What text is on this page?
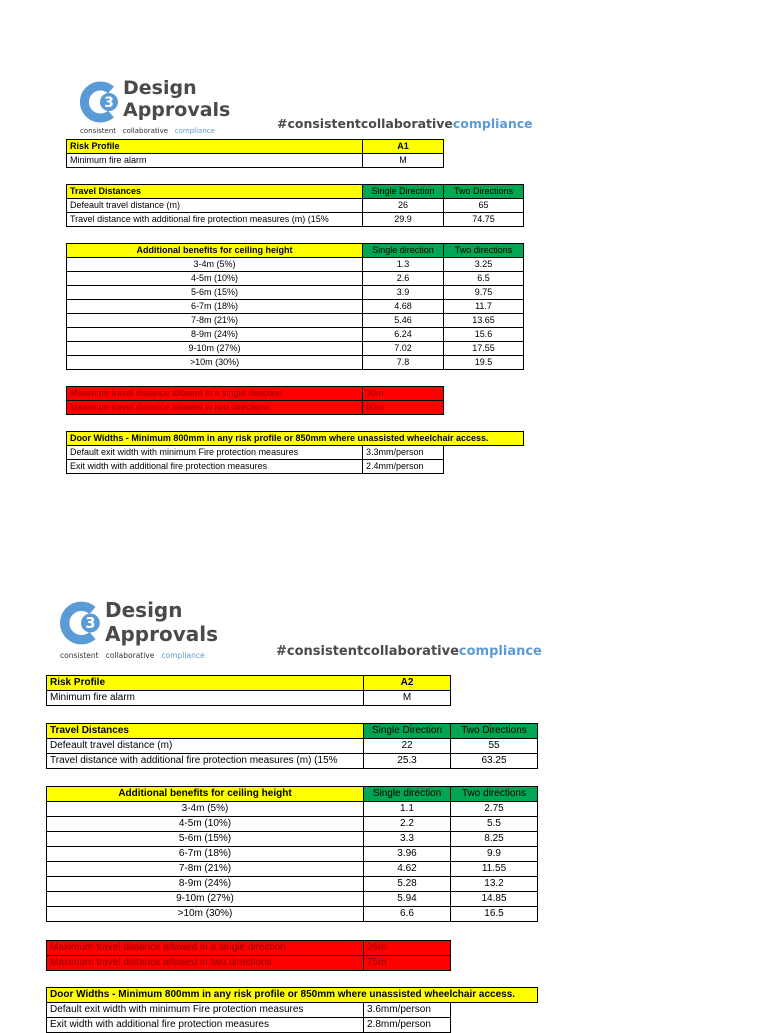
3
Design
Approvals
consistent collaborative compliance	#consistentcollaborativecompliance
Risk Profile	A1
Minimum fire alarm	M
Travel Distances	Single Direction	Two Directions
Defeault travel distance (m)	26	65
Travel distance with additional fire protection measures (m) (15%	29.9	74.75
Additional benefits for ceiling height	Single direction	Two directions
3-4m (5%)	1.3	3.25
4-5m (10%)	2.6	6.5
5-6m (15%)	3.9	9.75
6-7m (18%)	4.68	11.7
7-8m (21%)	5.46	13.65
8-9m (24%)	6.24	15.6
9-10m (27%)	7.02	17.55
>10m (30%)	7.8	19.5
Maximum travel distance allowed in a single direction	30m
Maximum travel distance allowed in two directions	90m
Door Widths - Minimum 800mm in any risk profile or 850mm where unassisted wheelchair access.		
Default exit width with minimum Fire protection measures	3.3mm/person	
Exit width with additional fire protection measures	2.4mm/person	
3
Design
Approvals
consistent collaborative compliance	#consistentcollaborativecompliance
Risk Profile	A2
Minimum fire alarm	M
Travel Distances	Single Direction	Two Directions
Defeault travel distance (m)	22	55
Travel distance with additional fire protection measures (m) (15%	25.3	63.25
Additional benefits for ceiling height	Single direction	Two directions
3-4m (5%)	1.1	2.75
4-5m (10%)	2.2	5.5
5-6m (15%)	3.3	8.25
6-7m (18%)	3.96	9.9
7-8m (21%)	4.62	11.55
8-9m (24%)	5.28	13.2
9-10m (27%)	5.94	14.85
>10m (30%)	6.6	16.5
Maximum travel distance allowed in a single direction	26m
Maximum travel distance allowed in two directions	75m
Door Widths - Minimum 800mm in any risk profile or 850mm where unassisted wheelchair access.		
Default exit width with minimum Fire protection measures	3.6mm/person	
Exit width with additional fire protection measures	2.8mm/person	
